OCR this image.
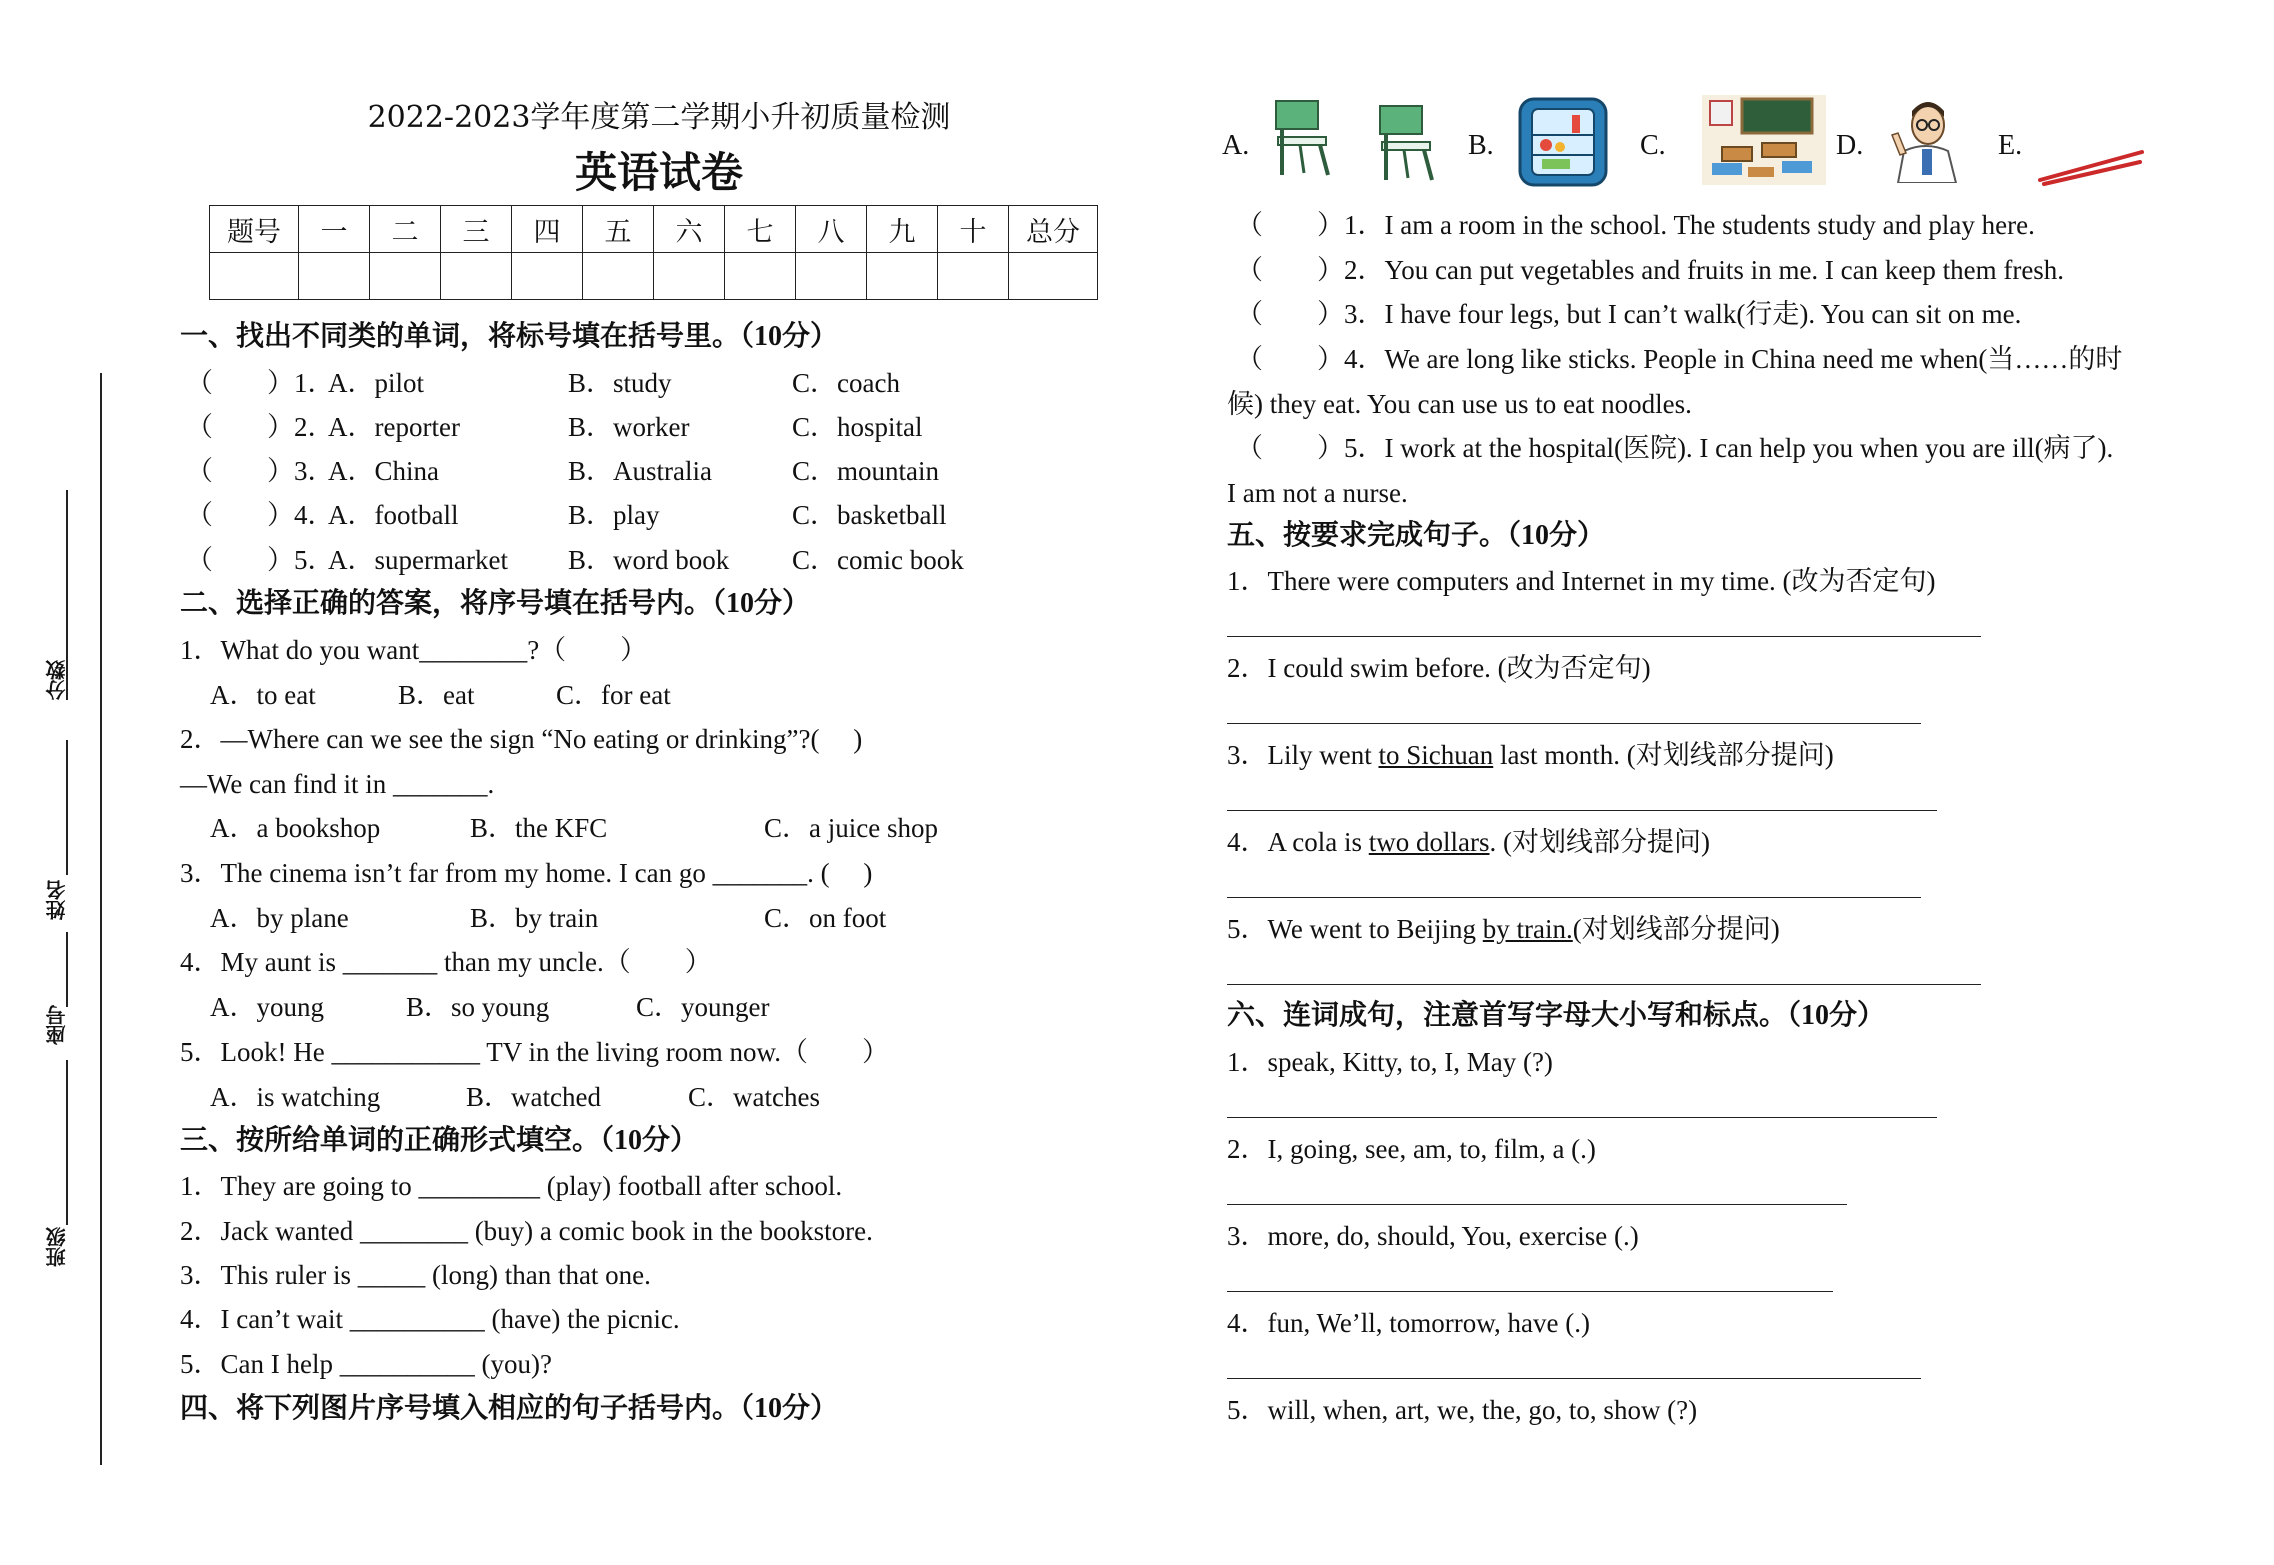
分数
姓名
座号
班级
2022-2023学年度第二学期小升初质量检测
英语试卷
题号	一	二	三	四	五	六	七	八	九	十	总分

一、找出不同类的单词，将标号填在括号里。（10分）
（　　）1．
A．pilot	B．study	C．coach
（　　）2．
A．reporter	B．worker	C．hospital
（　　）3．
A．China	B．Australia	C．mountain
（　　）4．
A．football	B．play	C．basketball
（　　）5．
A．supermarket B．word book C．comic book
二、选择正确的答案，将序号填在括号内。（10分）
1．What do you want________?（　　）
A．to eat	B．eat	C．for eat
2．—Where can we see the sign “No eating or drinking”?(　 )
—We can find it in _______.
A．a bookshop	B．the KFC	C．a juice shop
3．The cinema isn’t far from my home. I can go _______. (　 )
A．by plane	B．by train	C．on foot
4．My aunt is _______ than my uncle.（　　）
A．young	B．so young	C．younger
5．Look! He ___________ TV in the living room now.（　　）
A．is watching	B．watched	C．watches
三、按所给单词的正确形式填空。（10分）
1．They are going to _________ (play) football after school.
2．Jack wanted ________ (buy) a comic book in the bookstore.
3．This ruler is _____ (long) than that one.
4．I can’t wait __________ (have) the picnic.
5．Can I help __________ (you)?
四、将下列图片序号填入相应的句子括号内。（10分）
A.	B.	C.	D.	E.
（　　）1．I am a room in the school. The students study and play here.
（　　）2．You can put vegetables and fruits in me. I can keep them fresh.
（　　）3．I have four legs, but I can’t walk(行走). You can sit on me.
（　　）4．We are long like sticks. People in China need me when(当……的时
候) they eat. You can use us to eat noodles.
（　　）5．I work at the hospital(医院). I can help you when you are ill(病了).
I am not a nurse.
五、按要求完成句子。（10分）
1．There were computers and Internet in my time. (改为否定句)
2．I could swim before. (改为否定句)
3．Lily went to Sichuan last month. (对划线部分提问)
4．A cola is two dollars. (对划线部分提问)
5．We went to Beijing by train.(对划线部分提问)
六、连词成句，注意首写字母大小写和标点。（10分）
1．speak, Kitty, to, I, May (?)
2．I, going, see, am, to, film, a (.)
3．more, do, should, You, exercise (.)
4．fun, We’ll, tomorrow, have (.)
5．will, when, art, we, the, go, to, show (?)
